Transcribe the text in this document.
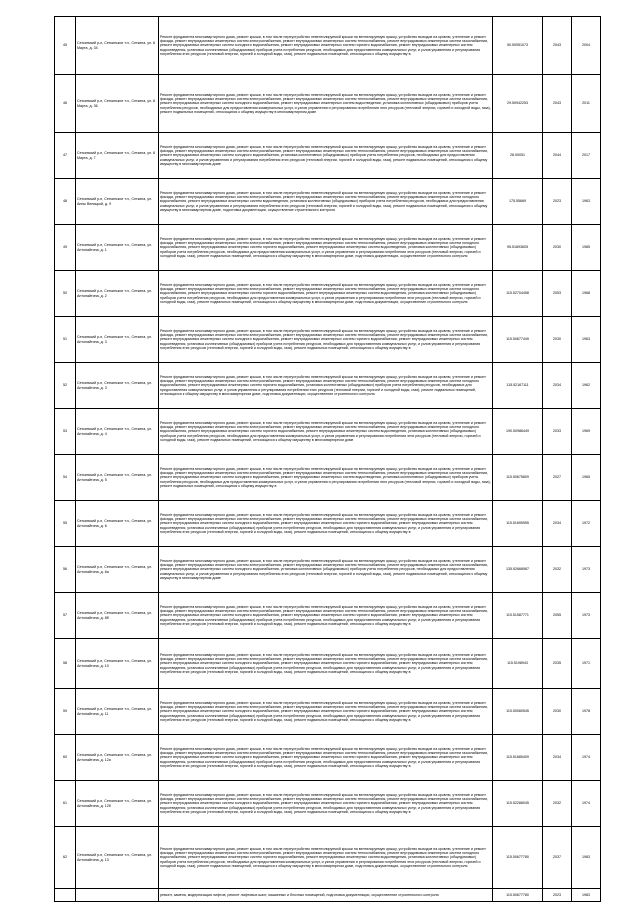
45	Сеткинский р-н, Сеткинское т.п., Сеткина, ул. 8 Марта, д. 34	Ремонт фундамента многоквартирного дома, ремонт крыши, в том числе переустройство невентилируемой крыши на вентилируемую крышу, устройство выходов на кровлю, утепление и ремонт фасада, ремонт внутридомовых инженерных систем электроснабжения, ремонт внутридомовых инженерных систем теплоснабжения, ремонт внутридомовых инженерных систем газоснабжения, ремонт внутридомовых инженерных систем холодного водоснабжения, ремонт внутридомовых инженерных систем горячего водоснабжения, ремонт внутридомовых инженерных систем водоотведения, установка коллективных (общедомовых) приборов учета потребления ресурсов, необходимых для предоставления коммунальных услуг, и узлов управления и регулирования потребления этих ресурсов (тепловой энергии, горячей и холодной воды, газа), ремонт подвальных помещений, относящихся к общему имуществу в	50.50951073	2043	2004
46	Сеткинский р-н, Сеткинское т.п., Сеткина, ул. 8 Марта, д. 36	Ремонт фундамента многоквартирного дома, ремонт крыши, в том числе переустройство невентилируемой крыши на вентилируемую крышу, устройство выходов на кровлю, утепление и ремонт фасада, ремонт внутридомовых инженерных систем электроснабжения, ремонт внутридомовых инженерных систем теплоснабжения, ремонт внутридомовых инженерных систем газоснабжения, ремонт внутридомовых инженерных систем холодного водоснабжения, ремонт внутридомовых инженерных систем водоотведения, установка коллективных (общедомовых) приборов учета потребления ресурсов, необходимых для предоставления коммунальных услуг, и узлов управления и регулирования потребления этих ресурсов (тепловой энергии, горячей и холодной воды, газа), ремонт подвальных помещений, относящихся к общему имуществу в многоквартирном доме	29.50942253	2043	2011
47	Сеткинский р-н, Сеткинское т.п., Сеткина, ул. 8 Марта, д. 7	Ремонт фундамента многоквартирного дома, ремонт крыши, в том числе переустройство невентилируемой крыши на вентилируемую крышу, устройство выходов на кровлю, утепление и ремонт фасада, ремонт внутридомовых инженерных систем электроснабжения, ремонт внутридомовых инженерных систем теплоснабжения, ремонт внутридомовых инженерных систем газоснабжения, ремонт внутридомовых инженерных систем холодного водоснабжения, установка коллективных (общедомовых) приборов учета потребления ресурсов, необходимых для предоставления коммунальных услуг, и узлов управления и регулирования потребления этих ресурсов (тепловой энергии, горячей и холодной воды, газа), ремонт подвальных помещений, относящихся к общему имуществу в многоквартирном доме	28.90051	2044	2017
48	Сеткинский р-н, Сеткинское т.п., Сеткина, ул. Анны Веницкой, д. 9	Ремонт фундамента многоквартирного дома, ремонт крыши, в том числе переустройство невентилируемой крыши на вентилируемую крышу, устройство выходов на кровлю, утепление и ремонт фасада, ремонт внутридомовых инженерных систем электроснабжения, ремонт внутридомовых инженерных систем теплоснабжения, ремонт внутридомовых инженерных систем холодного водоснабжения, ремонт внутридомовых инженерных систем водоотведения, установка коллективных (общедомовых) приборов учета потребления ресурсов, необходимых для предоставления коммунальных услуг, и узлов управления и регулирования потребления этих ресурсов (тепловой энергии, горячей и холодной воды, газа), ремонт подвальных помещений, относящихся к общему имуществу в многоквартирном доме, подготовка документации, осуществление строительного контроля	175.55669	2023	1963
49	Сеткинский р-н, Сеткинское т.п., Сеткина, ул. Антонайтина, д. 1	Ремонт фундамента многоквартирного дома, ремонт крыши, в том числе переустройство невентилируемой крыши на вентилируемую крышу, устройство выходов на кровлю, утепление и ремонт фасада, ремонт внутридомовых инженерных систем электроснабжения, ремонт внутридомовых инженерных систем теплоснабжения, ремонт внутридомовых инженерных систем холодного водоснабжения, ремонт внутридомовых инженерных систем горячего водоснабжения, ремонт внутридомовых инженерных систем водоотведения, установка коллективных (общедомовых) приборов учета потребления ресурсов, необходимых для предоставления коммунальных услуг, и узлов управления и регулирования потребления этих ресурсов (тепловой энергии, горячей и холодной воды, газа), ремонт подвальных помещений, относящихся к общему имуществу в многоквартирном доме, подготовка документации, осуществление строительного контроля	95.51893605	2030	1985
50	Сеткинский р-н, Сеткинское т.п., Сеткина, ул. Антонайтина, д. 2	Ремонт фундамента многоквартирного дома, ремонт крыши, в том числе переустройство невентилируемой крыши на вентилируемую крышу, устройство выходов на кровлю, утепление и ремонт фасада, ремонт внутридомовых инженерных систем электроснабжения, ремонт внутридомовых инженерных систем теплоснабжения, ремонт внутридомовых инженерных систем холодного водоснабжения, ремонт внутридомовых инженерных систем горячего водоснабжения, ремонт внутридомовых инженерных систем водоотведения, установка коллективных (общедомовых) приборов учета потребления ресурсов, необходимых для предоставления коммунальных услуг, и узлов управления и регулирования потребления этих ресурсов (тепловой энергии, горячей и холодной воды, газа), ремонт подвальных помещений, относящихся к общему имуществу в многоквартирном доме, подготовка документации, осуществление строительного контроля	115.52704458	2053	1968
51	Сеткинский р-н, Сеткинское т.п., Сеткина, ул. Антонайтина, д. 3	Ремонт фундамента многоквартирного дома, ремонт крыши, в том числе переустройство невентилируемой крыши на вентилируемую крышу, устройство выходов на кровлю, утепление и ремонт фасада, ремонт внутридомовых инженерных систем электроснабжения, ремонт внутридомовых инженерных систем теплоснабжения, ремонт внутридомовых инженерных систем газоснабжения, ремонт внутридомовых инженерных систем холодного водоснабжения, ремонт внутридомовых инженерных систем горячего водоснабжения, ремонт внутридомовых инженерных систем водоотведения, установка коллективных (общедомовых) приборов учета потребления ресурсов, необходимых для предоставления коммунальных услуг, и узлов управления и регулирования потребления этих ресурсов (тепловой энергии, горячей и холодной воды, газа), ремонт подвальных помещений, относящихся к общему имуществу в	115.50677449	2030	1963
52	Сеткинский р-н, Сеткинское т.п., Сеткина, ул. Антонайтина, д. 3	Ремонт фундамента многоквартирного дома, ремонт крыши, в том числе переустройство невентилируемой крыши на вентилируемую крышу, устройство выходов на кровлю, утепление и ремонт фасада, ремонт внутридомовых инженерных систем электроснабжения, ремонт внутридомовых инженерных систем теплоснабжения, ремонт внутридомовых инженерных систем холодного водоснабжения, ремонт внутридомовых инженерных систем горячего водоснабжения, установка коллективных (общедомовых) приборов учета потребления ресурсов, необходимых для предоставления коммунальных услуг, и узлов управления и регулирования потребления этих ресурсов (тепловой энергии, горячей и холодной воды, газа), ремонт подвальных помещений, относящихся к общему имуществу в многоквартирном доме, подготовка документации, осуществление строительного контроля	115.52167111	2034	1962
53	Сеткинский р-н, Сеткинское т.п., Сеткина, ул. Антонайтина, д. 4	Ремонт фундамента многоквартирного дома, ремонт крыши, в том числе переустройство невентилируемой крыши на вентилируемую крышу, устройство выходов на кровлю, утепление и ремонт фасада, ремонт внутридомовых инженерных систем электроснабжения, ремонт внутридомовых инженерных систем теплоснабжения, ремонт внутридомовых инженерных систем холодного водоснабжения, ремонт внутридомовых инженерных систем горячего водоснабжения, ремонт внутридомовых инженерных систем водоотведения, установка коллективных (общедомовых) приборов учета потребления ресурсов, необходимых для предоставления коммунальных услуг, и узлов управления и регулирования потребления этих ресурсов (тепловой энергии, горячей и холодной воды, газа), ремонт подвальных помещений, относящихся к общему имуществу в многоквартирном доме	190.50986449	2033	1969
54	Сеткинский р-н, Сеткинское т.п., Сеткина, ул. Антонайтина, д. 5	Ремонт фундамента многоквартирного дома, ремонт крыши, в том числе переустройство невентилируемой крыши на вентилируемую крышу, устройство выходов на кровлю, утепление и ремонт фасада, ремонт внутридомовых инженерных систем электроснабжения, ремонт внутридомовых инженерных систем теплоснабжения, ремонт внутридомовых инженерных систем газоснабжения, ремонт внутридомовых инженерных систем холодного водоснабжения, ремонт внутридомовых инженерных систем водоотведения, установка коллективных (общедомовых) приборов учета потребления ресурсов, необходимых для предоставления коммунальных услуг, и узлов управления и регулирования потребления этих ресурсов (тепловой энергии, горячей и холодной воды, газа), ремонт подвальных помещений, относящихся к общему имуществу в	115.50675809	2027	1965
55	Сеткинский р-н, Сеткинское т.п., Сеткина, ул. Антонайтина, д. 6	Ремонт фундамента многоквартирного дома, ремонт крыши, в том числе переустройство невентилируемой крыши на вентилируемую крышу, устройство выходов на кровлю, утепление и ремонт фасада, ремонт внутридомовых инженерных систем электроснабжения, ремонт внутридомовых инженерных систем теплоснабжения, ремонт внутридомовых инженерных систем газоснабжения, ремонт внутридомовых инженерных систем холодного водоснабжения, ремонт внутридомовых инженерных систем горячего водоснабжения, ремонт внутридомовых инженерных систем водоотведения, установка коллективных (общедомовых) приборов учета потребления ресурсов, необходимых для предоставления коммунальных услуг, и узлов управления и регулирования потребления этих ресурсов (тепловой энергии, горячей и холодной воды, газа), ремонт подвальных помещений, относящихся к общему имуществу в	115.51695955	2034	1972
56	Сеткинский р-н, Сеткинское т.п., Сеткина, ул. Антонайтина, д. 6а	Ремонт фундамента многоквартирного дома, ремонт крыши, в том числе переустройство невентилируемой крыши на вентилируемую крышу, устройство выходов на кровлю, утепление и ремонт фасада, ремонт внутридомовых инженерных систем электроснабжения, ремонт внутридомовых инженерных систем теплоснабжения, ремонт внутридомовых инженерных систем газоснабжения, ремонт внутридомовых инженерных систем холодного водоснабжения, установка коллективных (общедомовых) приборов учета потребления ресурсов, необходимых для предоставления коммунальных услуг, и узлов управления и регулирования потребления этих ресурсов (тепловой энергии, горячей и холодной воды, газа), ремонт подвальных помещений, относящихся к общему имуществу в многоквартирном доме	135.52668987	2032	1973
57	Сеткинский р-н, Сеткинское т.п., Сеткина, ул. Антонайтина, д. 8б	Ремонт фундамента многоквартирного дома, ремонт крыши, в том числе переустройство невентилируемой крыши на вентилируемую крышу, устройство выходов на кровлю, утепление и ремонт фасада, ремонт внутридомовых инженерных систем электроснабжения, ремонт внутридомовых инженерных систем теплоснабжения, ремонт внутридомовых инженерных систем газоснабжения, ремонт внутридомовых инженерных систем холодного водоснабжения, ремонт внутридомовых инженерных систем горячего водоснабжения, ремонт внутридомовых инженерных систем водоотведения, установка коллективных (общедомовых) приборов учета потребления ресурсов, необходимых для предоставления коммунальных услуг, и узлов управления и регулирования потребления этих ресурсов (тепловой энергии, горячей и холодной воды, газа), ремонт подвальных помещений, относящихся к общему имуществу в	115.51587771	2055	1973
58	Сеткинский р-н, Сеткинское т.п., Сеткина, ул. Антонайтина, д. 10	Ремонт фундамента многоквартирного дома, ремонт крыши, в том числе переустройство невентилируемой крыши на вентилируемую крышу, устройство выходов на кровлю, утепление и ремонт фасада, ремонт внутридомовых инженерных систем электроснабжения, ремонт внутридомовых инженерных систем теплоснабжения, ремонт внутридомовых инженерных систем газоснабжения, ремонт внутридомовых инженерных систем холодного водоснабжения, ремонт внутридомовых инженерных систем горячего водоснабжения, ремонт внутридомовых инженерных систем водоотведения, установка коллективных (общедомовых) приборов учета потребления ресурсов, необходимых для предоставления коммунальных услуг, и узлов управления и регулирования потребления этих ресурсов (тепловой энергии, горячей и холодной воды, газа), ремонт подвальных помещений, относящихся к общему имуществу в	115.5198943	2035	1971
59	Сеткинский р-н, Сеткинское т.п., Сеткина, ул. Антонайтина, д. 11	Ремонт фундамента многоквартирного дома, ремонт крыши, в том числе переустройство невентилируемой крыши на вентилируемую крышу, устройство выходов на кровлю, утепление и ремонт фасада, ремонт внутридомовых инженерных систем электроснабжения, ремонт внутридомовых инженерных систем теплоснабжения, ремонт внутридомовых инженерных систем газоснабжения, ремонт внутридомовых инженерных систем холодного водоснабжения, ремонт внутридомовых инженерных систем горячего водоснабжения, ремонт внутридомовых инженерных систем водоотведения, установка коллективных (общедомовых) приборов учета потребления ресурсов, необходимых для предоставления коммунальных услуг, и узлов управления и регулирования потребления этих ресурсов (тепловой энергии, горячей и холодной воды, газа), ремонт подвальных помещений, относящихся к общему имуществу в	115.50080545	2030	1978
60	Сеткинский р-н, Сеткинское т.п., Сеткина, ул. Антонайтина, д. 12а	Ремонт фундамента многоквартирного дома, ремонт крыши, в том числе переустройство невентилируемой крыши на вентилируемую крышу, устройство выходов на кровлю, утепление и ремонт фасада, ремонт внутридомовых инженерных систем электроснабжения, ремонт внутридомовых инженерных систем теплоснабжения, ремонт внутридомовых инженерных систем газоснабжения, ремонт внутридомовых инженерных систем холодного водоснабжения, ремонт внутридомовых инженерных систем горячего водоснабжения, ремонт внутридомовых инженерных систем водоотведения, установка коллективных (общедомовых) приборов учета потребления ресурсов, необходимых для предоставления коммунальных услуг, и узлов управления и регулирования потребления этих ресурсов (тепловой энергии, горячей и холодной воды, газа), ремонт подвальных помещений, относящихся к общему имуществу в	115.51685409	2034	1974
61	Сеткинский р-н, Сеткинское т.п., Сеткина, ул. Антонайтина, д. 12б	Ремонт фундамента многоквартирного дома, ремонт крыши, в том числе переустройство невентилируемой крыши на вентилируемую крышу, устройство выходов на кровлю, утепление и ремонт фасада, ремонт внутридомовых инженерных систем электроснабжения, ремонт внутридомовых инженерных систем теплоснабжения, ремонт внутридомовых инженерных систем газоснабжения, ремонт внутридомовых инженерных систем холодного водоснабжения, ремонт внутридомовых инженерных систем горячего водоснабжения, ремонт внутридомовых инженерных систем водоотведения, установка коллективных (общедомовых) приборов учета потребления ресурсов, необходимых для предоставления коммунальных услуг, и узлов управления и регулирования потребления этих ресурсов (тепловой энергии, горячей и холодной воды, газа), ремонт подвальных помещений, относящихся к общему имуществу в	115.52288045	2032	1974
62	Сеткинский р-н, Сеткинское т.п., Сеткина, ул. Антонайтина, д. 13	Ремонт фундамента многоквартирного дома, ремонт крыши, в том числе переустройство невентилируемой крыши на вентилируемую крышу, устройство выходов на кровлю, утепление и ремонт фасада, ремонт внутридомовых инженерных систем электроснабжения, ремонт внутридомовых инженерных систем теплоснабжения, ремонт внутридомовых инженерных систем холодного водоснабжения, ремонт внутридомовых инженерных систем горячего водоснабжения, ремонт внутридомовых инженерных систем водоотведения, установка коллективных (общедомовых) приборов учета потребления ресурсов, необходимых для предоставления коммунальных услуг, и узлов управления и регулирования потребления этих ресурсов (тепловой энергии, горячей и холодной воды, газа), ремонт подвальных помещений, относящихся к общему имуществу в многоквартирном доме, подготовка документации, осуществление строительного контроля	115.50677780	2037	1983
		ремонт, замена, модернизация лифтов, ремонт лифтовых шахт, машинных и блочных помещений, подготовка документации, осуществление строительного контроля	115.50677780	2023	1983
